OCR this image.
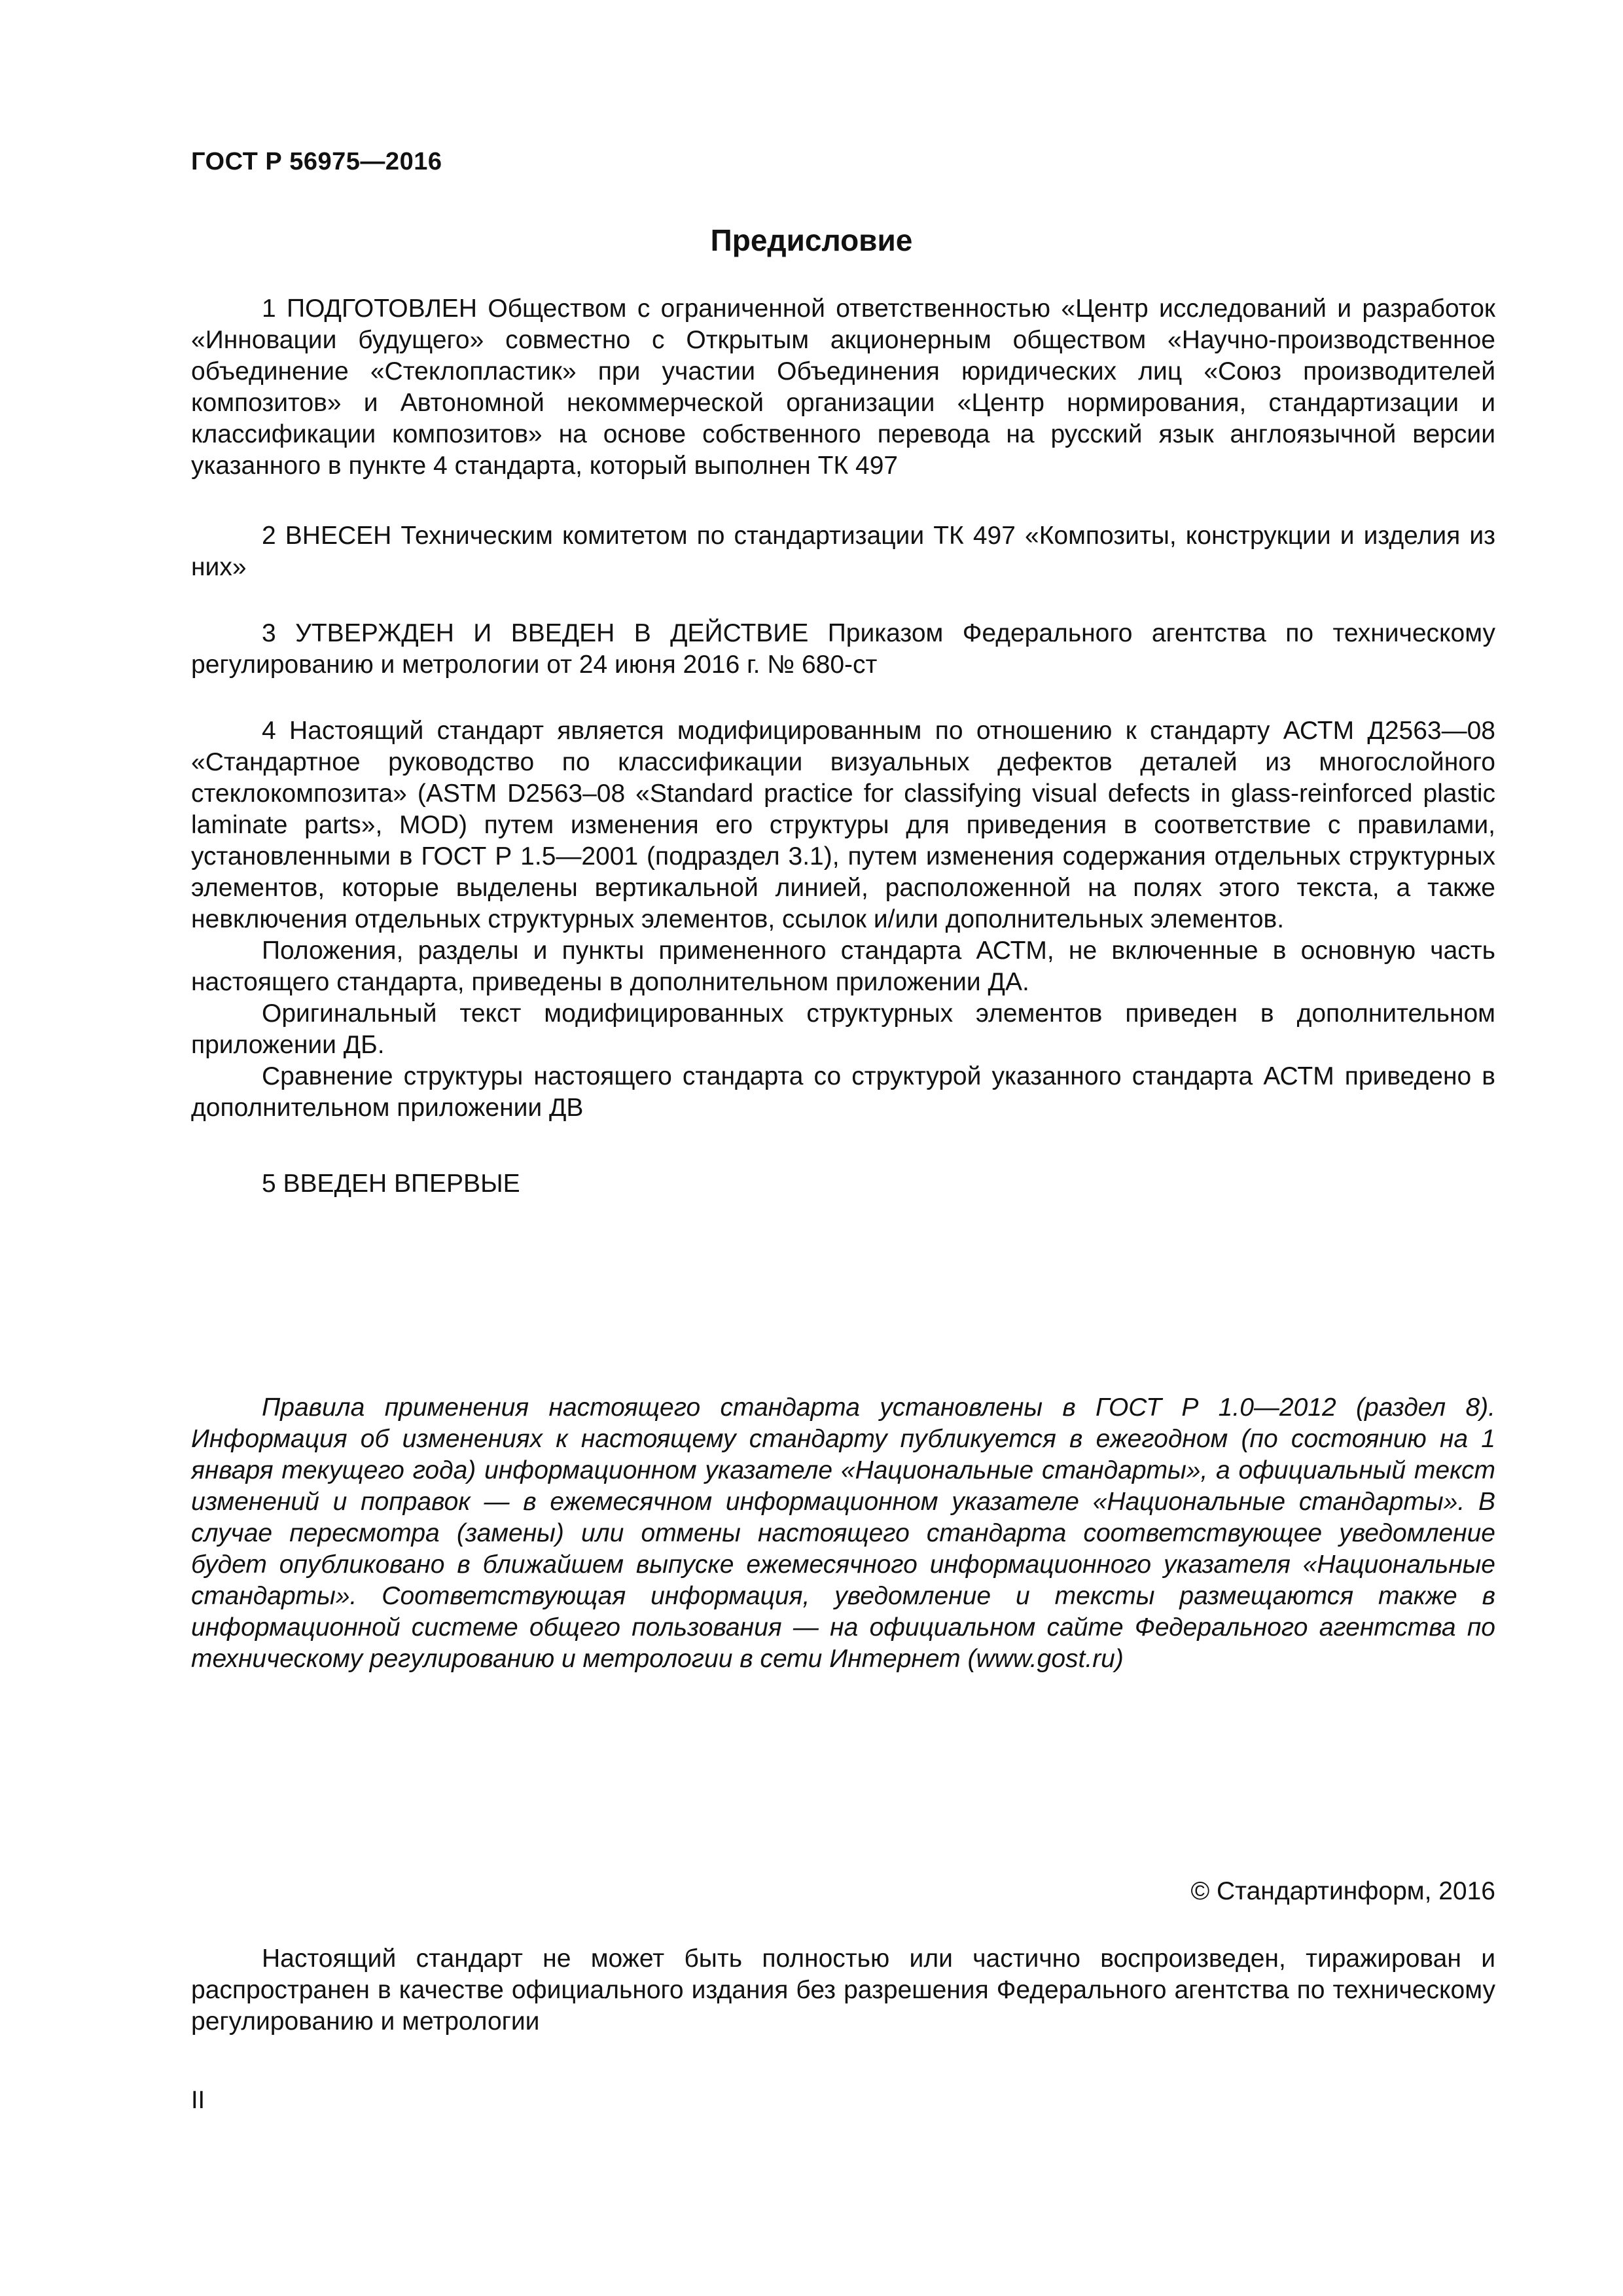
ГОСТ Р 56975—2016
Предисловие

1 ПОДГОТОВЛЕН Обществом с ограниченной ответственностью «Центр исследований и разработок «Инновации будущего» совместно с Открытым акционерным обществом «Научно-производственное объединение «Стеклопластик» при участии Объединения юридических лиц «Союз производителей композитов» и Автономной некоммерческой организации «Центр нормирования, стандартизации и классификации композитов» на основе собственного перевода на русский язык англоязычной версии указанного в пункте 4 стандарта, который выполнен ТК 497

2 ВНЕСЕН Техническим комитетом по стандартизации ТК 497 «Композиты, конструкции и изделия из них»

3 УТВЕРЖДЕН И ВВЕДЕН В ДЕЙСТВИЕ Приказом Федерального агентства по техническому регулированию и метрологии от 24 июня 2016 г. № 680-ст

4 Настоящий стандарт является модифицированным по отношению к стандарту АСТМ Д2563—08 «Стандартное руководство по классификации визуальных дефектов деталей из многослойного стеклокомпозита» (ASTM D2563–08 «Standard practice for classifying visual defects in glass-reinforced plastic laminate parts», MOD) путем изменения его структуры для приведения в соответствие с правилами, установленными в ГОСТ Р 1.5—2001 (подраздел 3.1), путем изменения содержания отдельных структурных элементов, которые выделены вертикальной линией, расположенной на полях этого текста, а также невключения отдельных структурных элементов, ссылок и/или дополнительных элементов.

Положения, разделы и пункты примененного стандарта АСТМ, не включенные в основную часть настоящего стандарта, приведены в дополнительном приложении ДА.

Оригинальный текст модифицированных структурных элементов приведен в дополнительном приложении ДБ.

Сравнение структуры настоящего стандарта со структурой указанного стандарта АСТМ приведено в дополнительном приложении ДВ

5 ВВЕДЕН ВПЕРВЫЕ

Правила применения настоящего стандарта установлены в ГОСТ Р 1.0—2012 (раздел 8). Информация об изменениях к настоящему стандарту публикуется в ежегодном (по состоянию на 1 января текущего года) информационном указателе «Национальные стандарты», а официальный текст изменений и поправок — в ежемесячном информационном указателе «Национальные стандарты». В случае пересмотра (замены) или отмены настоящего стандарта соответствующее уведомление будет опубликовано в ближайшем выпуске ежемесячного информационного указателя «Национальные стандарты». Соответствующая информация, уведомление и тексты размещаются также в информационной системе общего пользования — на официальном сайте Федерального агентства по техническому регулированию и метрологии в сети Интернет (www.gost.ru)

© Стандартинформ, 2016

Настоящий стандарт не может быть полностью или частично воспроизведен, тиражирован и распространен в качестве официального издания без разрешения Федерального агентства по техническому регулированию и метрологии

II
